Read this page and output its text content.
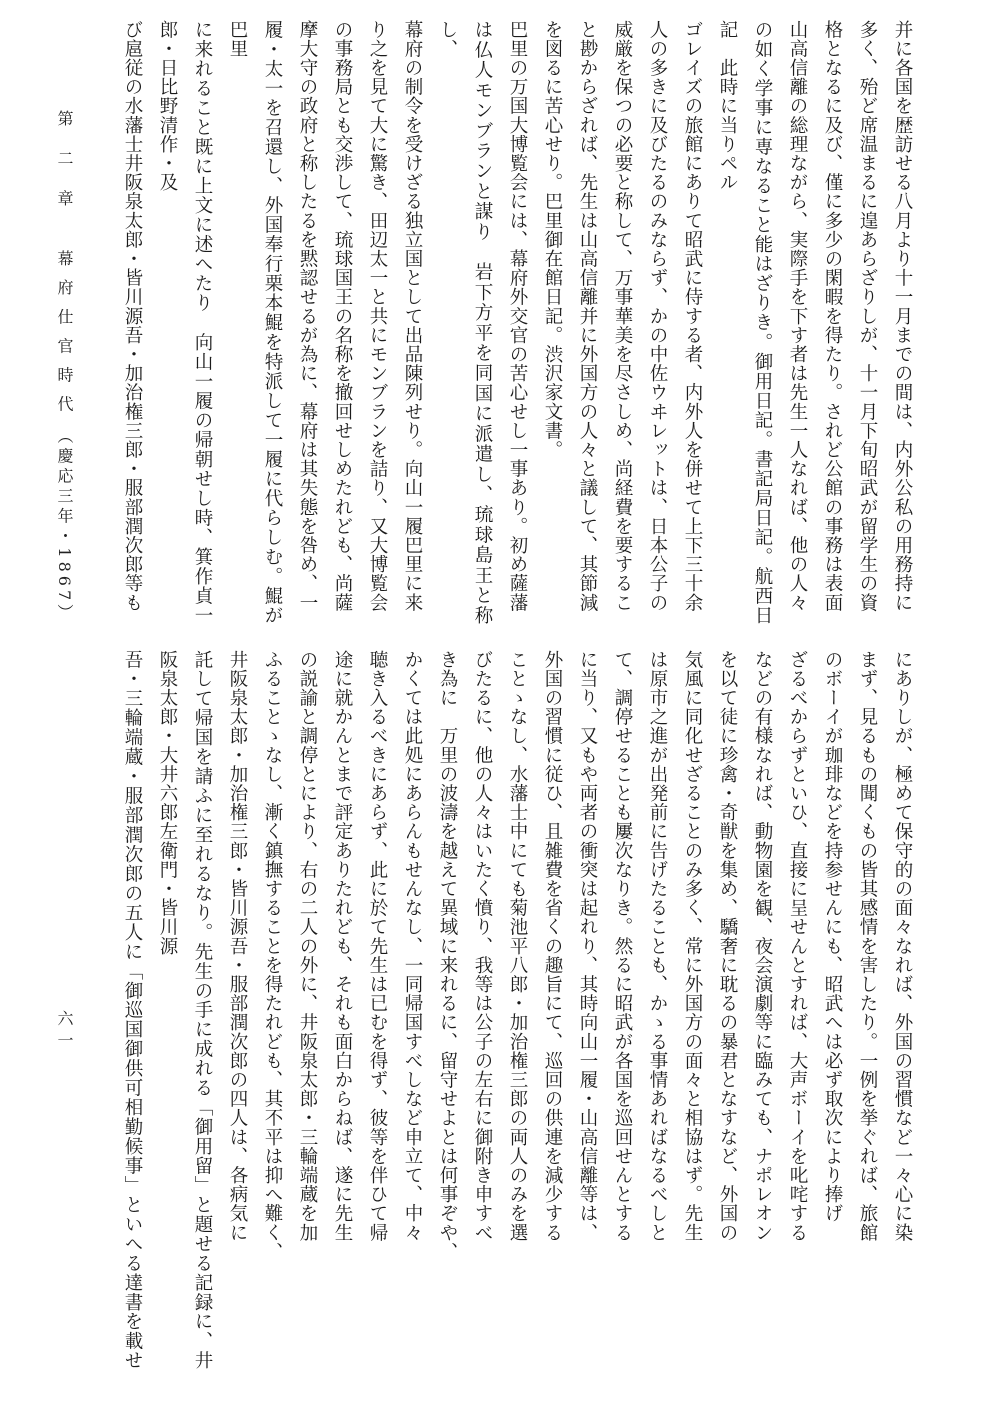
第　二　章　　幕 府 仕 官 時 代　（慶応三年・1867）
六一
并に各国を歴訪せる八月より十一月までの間は、内外公私の用務持に
多く、殆ど席温まるに遑あらざりしが、十一月下旬昭武が留学生の資
格となるに及び、僅に多少の閑暇を得たり。されど公館の事務は表面
山高信離の総理ながら、実際手を下す者は先生一人なれば、他の人々
の如く学事に専なること能はざりき。御用日記。書記局日記。航西日記　此時に当りペル
ゴレイズの旅館にありて昭武に侍する者、内外人を併せて上下三十余
人の多きに及びたるのみならず、かの中佐ウヰレットは、日本公子の
威厳を保つの必要と称して、万事華美を尽さしめ、尚経費を要するこ
と尠からざれば、先生は山高信離并に外国方の人々と議して、其節減
を図るに苦心せり。巴里御在館日記。渋沢家文書。
巴里の万国大博覧会には、幕府外交官の苦心せし一事あり。初め薩藩
は仏人モンブランと謀り　岩下方平を同国に派遣し、琉球島王と称し、
幕府の制令を受けざる独立国として出品陳列せり。向山一履巴里に来
り之を見て大に驚き、田辺太一と共にモンブランを詰り、又大博覧会
の事務局とも交渉して、琉球国王の名称を撤回せしめたれども、尚薩
摩大守の政府と称したるを黙認せるが為に、幕府は其失態を咎め、一
履・太一を召還し、外国奉行栗本鯤を特派して一履に代らしむ。鯤が巴里
に来れること既に上文に述へたり　向山一履の帰朝せし時、箕作貞一郎・日比野清作・及
び扈従の水藩士井阪泉太郎・皆川源吾・加治権三郎・服部潤次郎等も
にありしが、極めて保守的の面々なれば、外国の習慣など一々心に染
まず、見るもの聞くもの皆其感情を害したり。一例を挙ぐれば、旅館
のボーイが珈琲などを持参せんにも、昭武へは必ず取次により捧げ
ざるべからずといひ、直接に呈せんとすれば、大声ボーイを叱咤する
などの有様なれば、動物園を観、夜会演劇等に臨みても、ナポレオン
を以て徒に珍禽・奇獣を集め、驕奢に耽るの暴君となすなど、外国の
気風に同化せざることのみ多く、常に外国方の面々と相協はず。先生
は原市之進が出発前に告げたることも、かゝる事情あればなるべしと
て、調停せることも屢次なりき。然るに昭武が各国を巡回せんとする
に当り、又もや両者の衝突は起れり、其時向山一履・山高信離等は、
外国の習慣に従ひ、且雑費を省くの趣旨にて、巡回の供連を減少する
ことゝなし、水藩士中にても菊池平八郎・加治権三郎の両人のみを選
びたるに、他の人々はいたく憤り、我等は公子の左右に御附き申すべ
き為に　万里の波濤を越えて異域に来れるに、留守せよとは何事ぞや、
かくては此処にあらんもせんなし、一同帰国すべしなど申立て、中々
聴き入るべきにあらず、此に於て先生は已むを得ず、彼等を伴ひて帰
途に就かんとまで評定ありたれども、それも面白からねば、遂に先生
の説諭と調停とにより、右の二人の外に、井阪泉太郎・三輪端蔵を加
ふることゝなし、漸く鎮撫することを得たれども、其不平は抑へ難く、
井阪泉太郎・加治権三郎・皆川源吾・服部潤次郎の四人は、各病気に
託して帰国を請ふに至れるなり。先生の手に成れる「御用留」と題せる記録に、井阪泉太郎・大井六郎左衛門・皆川源
吾・三輪端蔵・服部潤次郎の五人に「御巡国御供可相勤候事」といへる達書を載せ
